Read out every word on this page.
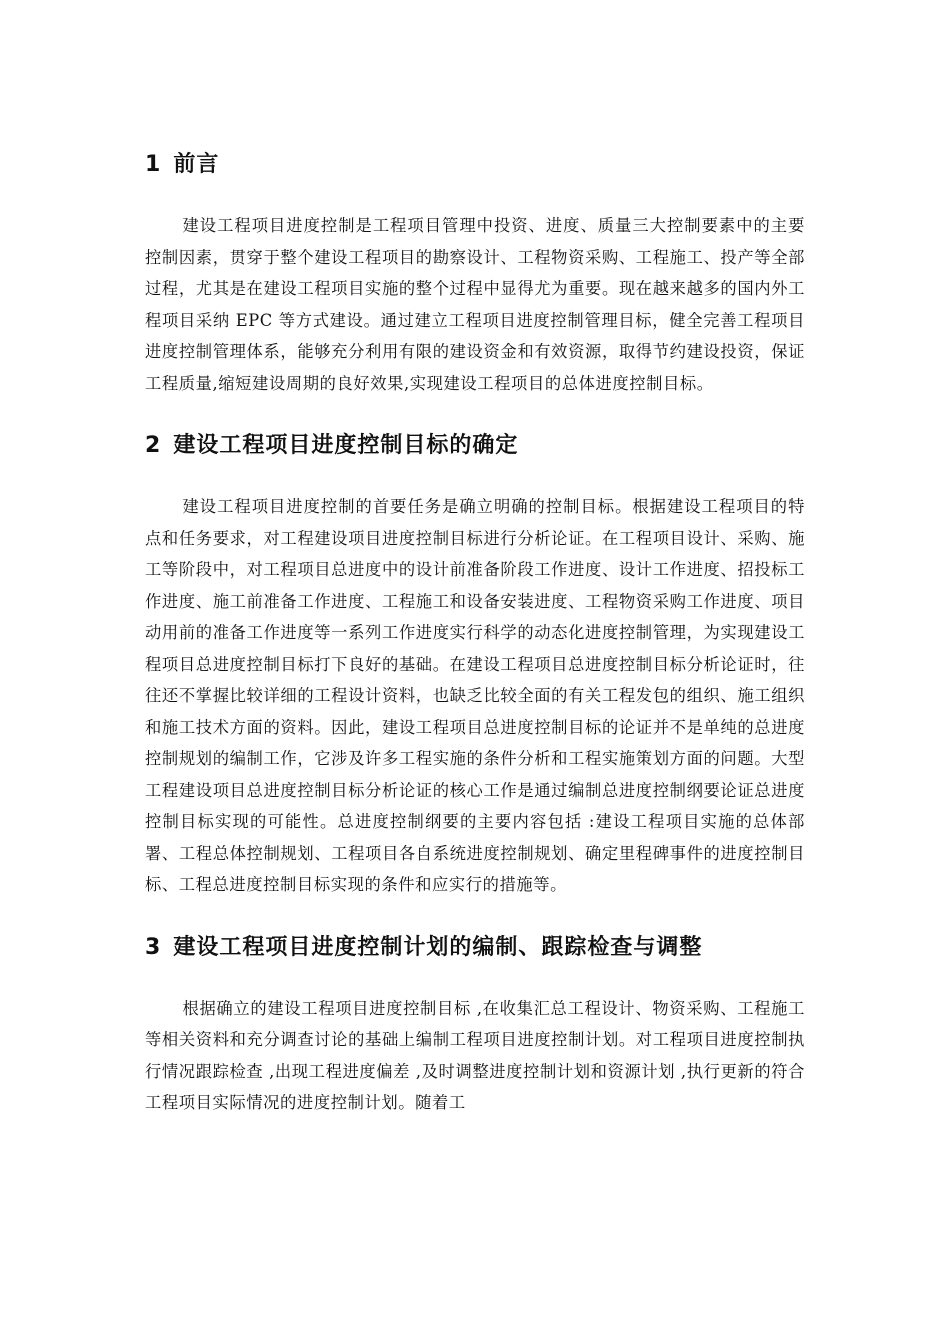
1 前言

建设工程项目进度控制是工程项目管理中投资、进度、质量三大控制要素中的主要控制因素，贯穿于整个建设工程项目的勘察设计、工程物资采购、工程施工、投产等全部过程，尤其是在建设工程项目实施的整个过程中显得尤为重要。现在越来越多的国内外工程项目采纳 EPC 等方式建设。通过建立工程项目进度控制管理目标，健全完善工程项目进度控制管理体系，能够充分利用有限的建设资金和有效资源，取得节约建设投资，保证工程质量,缩短建设周期的良好效果,实现建设工程项目的总体进度控制目标。

2 建设工程项目进度控制目标的确定

建设工程项目进度控制的首要任务是确立明确的控制目标。根据建设工程项目的特点和任务要求，对工程建设项目进度控制目标进行分析论证。在工程项目设计、采购、施工等阶段中，对工程项目总进度中的设计前准备阶段工作进度、设计工作进度、招投标工作进度、施工前准备工作进度、工程施工和设备安装进度、工程物资采购工作进度、项目动用前的准备工作进度等一系列工作进度实行科学的动态化进度控制管理，为实现建设工程项目总进度控制目标打下良好的基础。在建设工程项目总进度控制目标分析论证时，往往还不掌握比较详细的工程设计资料，也缺乏比较全面的有关工程发包的组织、施工组织和施工技术方面的资料。因此，建设工程项目总进度控制目标的论证并不是单纯的总进度控制规划的编制工作，它涉及许多工程实施的条件分析和工程实施策划方面的问题。大型工程建设项目总进度控制目标分析论证的核心工作是通过编制总进度控制纲要论证总进度控制目标实现的可能性。总进度控制纲要的主要内容包括 :建设工程项目实施的总体部署、工程总体控制规划、工程项目各自系统进度控制规划、确定里程碑事件的进度控制目标、工程总进度控制目标实现的条件和应实行的措施等。

3 建设工程项目进度控制计划的编制、跟踪检查与调整

根据确立的建设工程项目进度控制目标 ,在收集汇总工程设计、物资采购、工程施工等相关资料和充分调查讨论的基础上编制工程项目进度控制计划。对工程项目进度控制执行情况跟踪检查 ,出现工程进度偏差 ,及时调整进度控制计划和资源计划 ,执行更新的符合工程项目实际情况的进度控制计划。随着工
